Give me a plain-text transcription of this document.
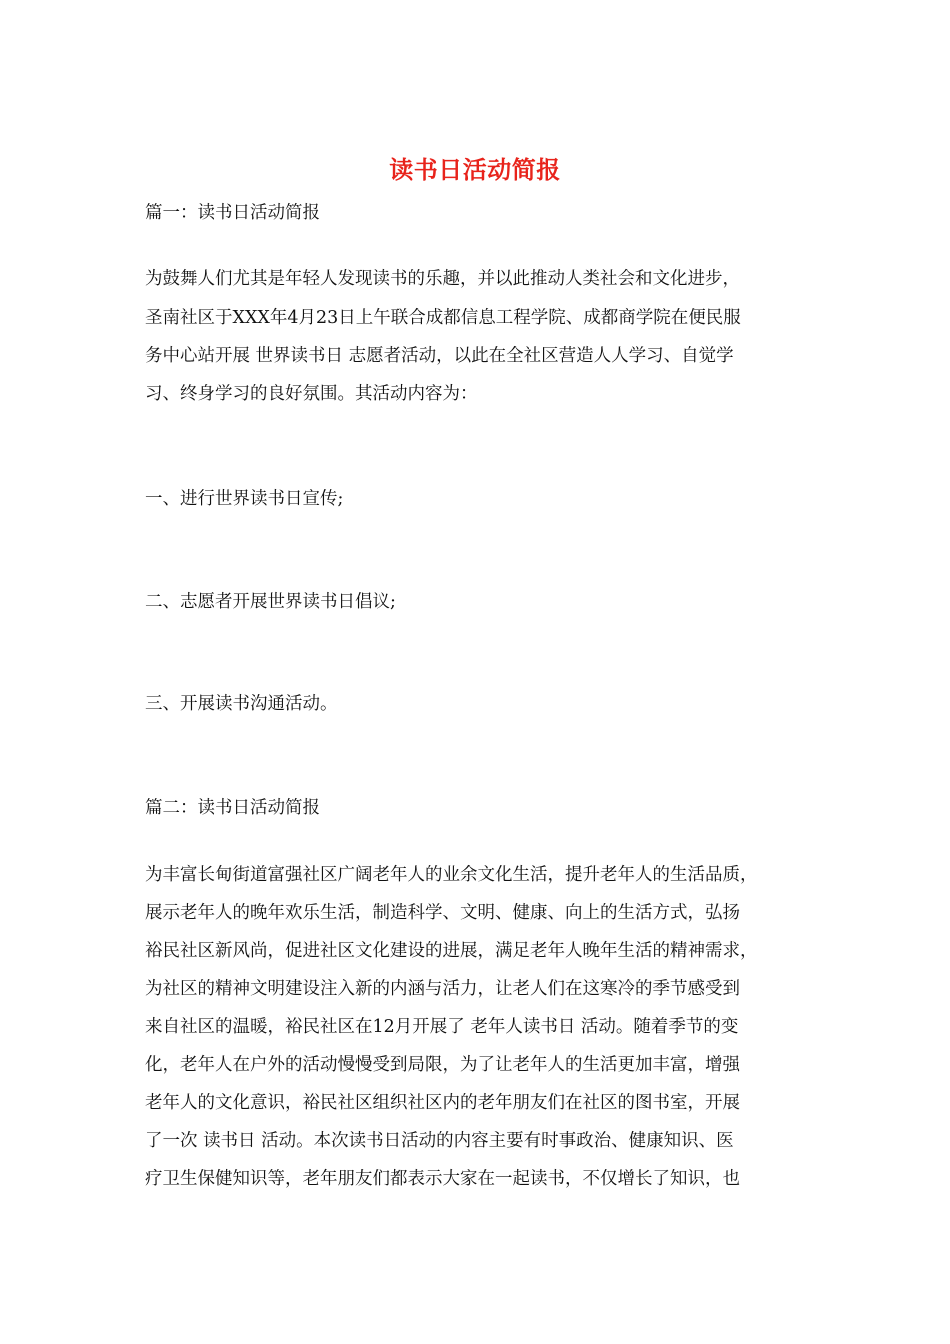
读书日活动简报
篇一：读书日活动简报
为鼓舞人们尤其是年轻人发现读书的乐趣，并以此推动人类社会和文化进步，
圣南社区于XXX年4月23日上午联合成都信息工程学院、成都商学院在便民服
务中心站开展 世界读书日 志愿者活动，以此在全社区营造人人学习、自觉学
习、终身学习的良好氛围。其活动内容为：
一、进行世界读书日宣传;
二、志愿者开展世界读书日倡议;
三、开展读书沟通活动。
篇二：读书日活动简报
为丰富长甸街道富强社区广阔老年人的业余文化生活，提升老年人的生活品质，
展示老年人的晚年欢乐生活，制造科学、文明、健康、向上的生活方式，弘扬
裕民社区新风尚，促进社区文化建设的进展，满足老年人晚年生活的精神需求，
为社区的精神文明建设注入新的内涵与活力，让老人们在这寒冷的季节感受到
来自社区的温暖，裕民社区在12月开展了 老年人读书日 活动。随着季节的变
化，老年人在户外的活动慢慢受到局限，为了让老年人的生活更加丰富，增强
老年人的文化意识，裕民社区组织社区内的老年朋友们在社区的图书室，开展
了一次 读书日 活动。本次读书日活动的内容主要有时事政治、健康知识、医
疗卫生保健知识等，老年朋友们都表示大家在一起读书，不仅增长了知识，也
